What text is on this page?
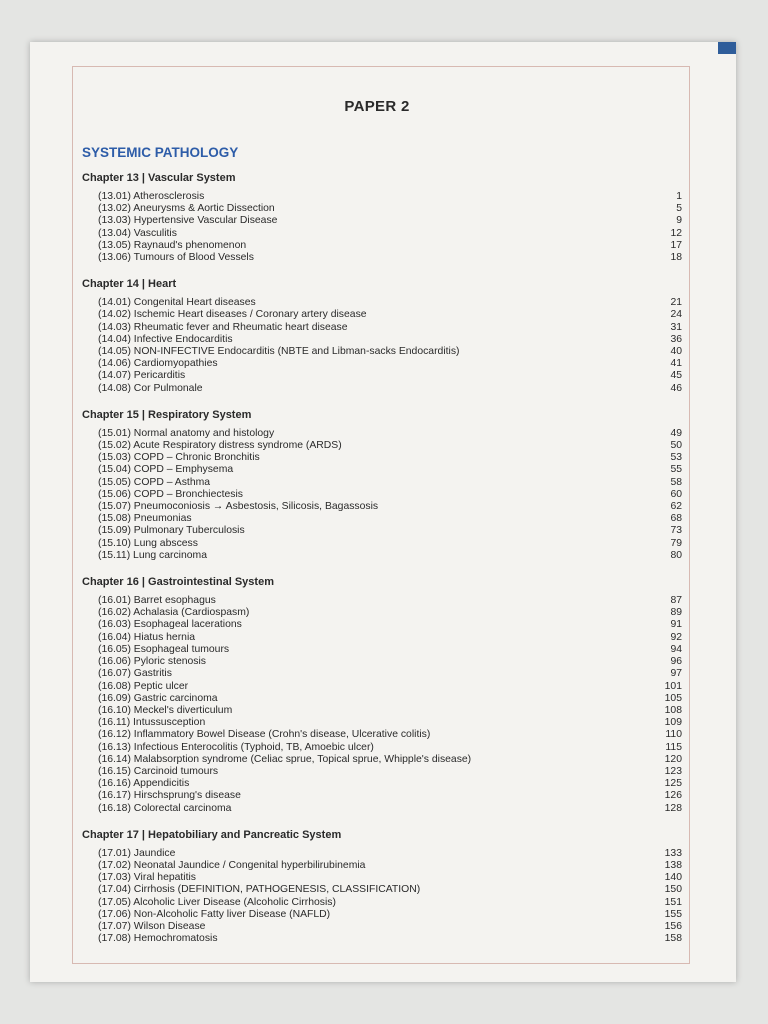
PAPER 2
SYSTEMIC PATHOLOGY
Chapter 13 | Vascular System
(13.01) Atherosclerosis	1
(13.02) Aneurysms & Aortic Dissection	5
(13.03) Hypertensive Vascular Disease	9
(13.04) Vasculitis	12
(13.05) Raynaud's phenomenon	17
(13.06) Tumours of Blood Vessels	18
Chapter 14 | Heart
(14.01) Congenital Heart diseases	21
(14.02) Ischemic Heart diseases / Coronary artery disease	24
(14.03) Rheumatic fever and Rheumatic heart disease	31
(14.04) Infective Endocarditis	36
(14.05) NON-INFECTIVE Endocarditis (NBTE and Libman-sacks Endocarditis)	40
(14.06) Cardiomyopathies	41
(14.07) Pericarditis	45
(14.08) Cor Pulmonale	46
Chapter 15 | Respiratory System
(15.01) Normal anatomy and histology	49
(15.02) Acute Respiratory distress syndrome (ARDS)	50
(15.03) COPD – Chronic Bronchitis	53
(15.04) COPD – Emphysema	55
(15.05) COPD – Asthma	58
(15.06) COPD – Bronchiectesis	60
(15.07) Pneumoconiosis → Asbestosis, Silicosis, Bagassosis	62
(15.08) Pneumonias	68
(15.09) Pulmonary Tuberculosis	73
(15.10) Lung abscess	79
(15.11) Lung carcinoma	80
Chapter 16 | Gastrointestinal System
(16.01) Barret esophagus	87
(16.02) Achalasia (Cardiospasm)	89
(16.03) Esophageal lacerations	91
(16.04) Hiatus hernia	92
(16.05) Esophageal tumours	94
(16.06) Pyloric stenosis	96
(16.07) Gastritis	97
(16.08) Peptic ulcer	101
(16.09) Gastric carcinoma	105
(16.10) Meckel's diverticulum	108
(16.11) Intussusception	109
(16.12) Inflammatory Bowel Disease (Crohn's disease, Ulcerative colitis)	110
(16.13) Infectious Enterocolitis (Typhoid, TB, Amoebic ulcer)	115
(16.14) Malabsorption syndrome (Celiac sprue, Topical sprue, Whipple's disease)	120
(16.15) Carcinoid tumours	123
(16.16) Appendicitis	125
(16.17) Hirschsprung's disease	126
(16.18) Colorectal carcinoma	128
Chapter 17 | Hepatobiliary and Pancreatic System
(17.01) Jaundice	133
(17.02) Neonatal Jaundice / Congenital hyperbilirubinemia	138
(17.03) Viral hepatitis	140
(17.04) Cirrhosis (DEFINITION, PATHOGENESIS, CLASSIFICATION)	150
(17.05) Alcoholic Liver Disease (Alcoholic Cirrhosis)	151
(17.06) Non-Alcoholic Fatty liver Disease (NAFLD)	155
(17.07) Wilson Disease	156
(17.08) Hemochromatosis	158
